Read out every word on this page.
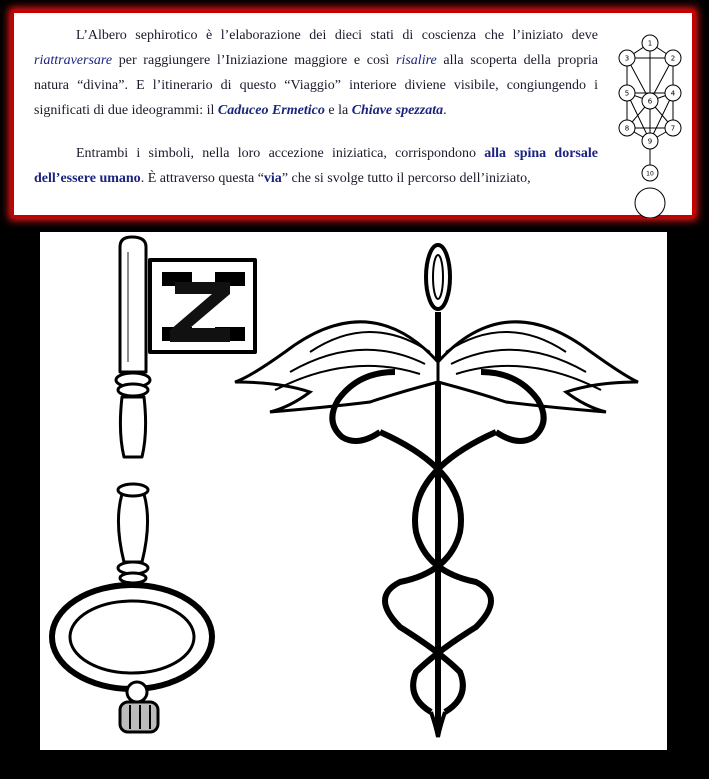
L’Albero sephirotico è l’elaborazione dei dieci stati di coscienza che l’iniziato deve riattraversare per raggiungere l’Iniziazione maggiore e così risalire alla scoperta della propria natura “divina”. E l’itinerario di questo “Viaggio” interiore diviene visibile, congiungendo i significati di due ideogrammi: il Caduceo Ermetico e la Chiave spezzata.

Entrambi i simboli, nella loro accezione iniziatica, corrispondono alla spina dorsale dell’essere umano. È attraverso questa “via” che si svolge tutto il percorso dell’iniziato,

1
2
3
4
5
6
7
8
9
10
